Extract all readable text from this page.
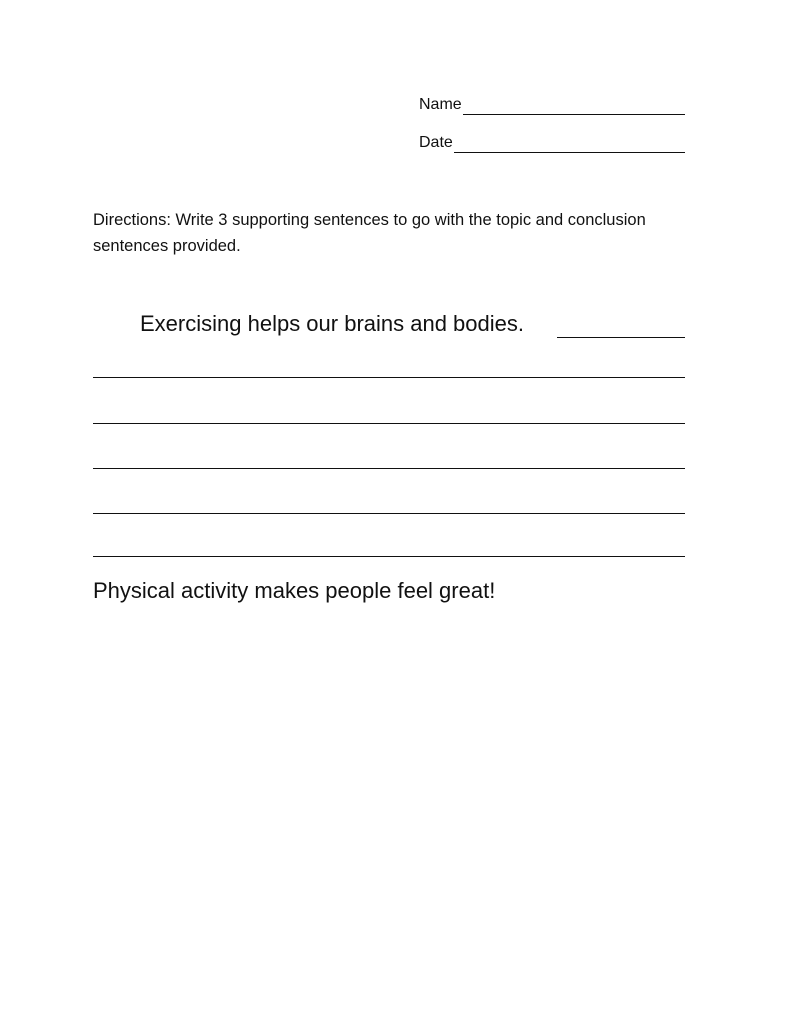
Name
Date
Directions: Write 3 supporting sentences to go with the topic and conclusion sentences provided.
Exercising helps our brains and bodies.
Physical activity makes people feel great!
